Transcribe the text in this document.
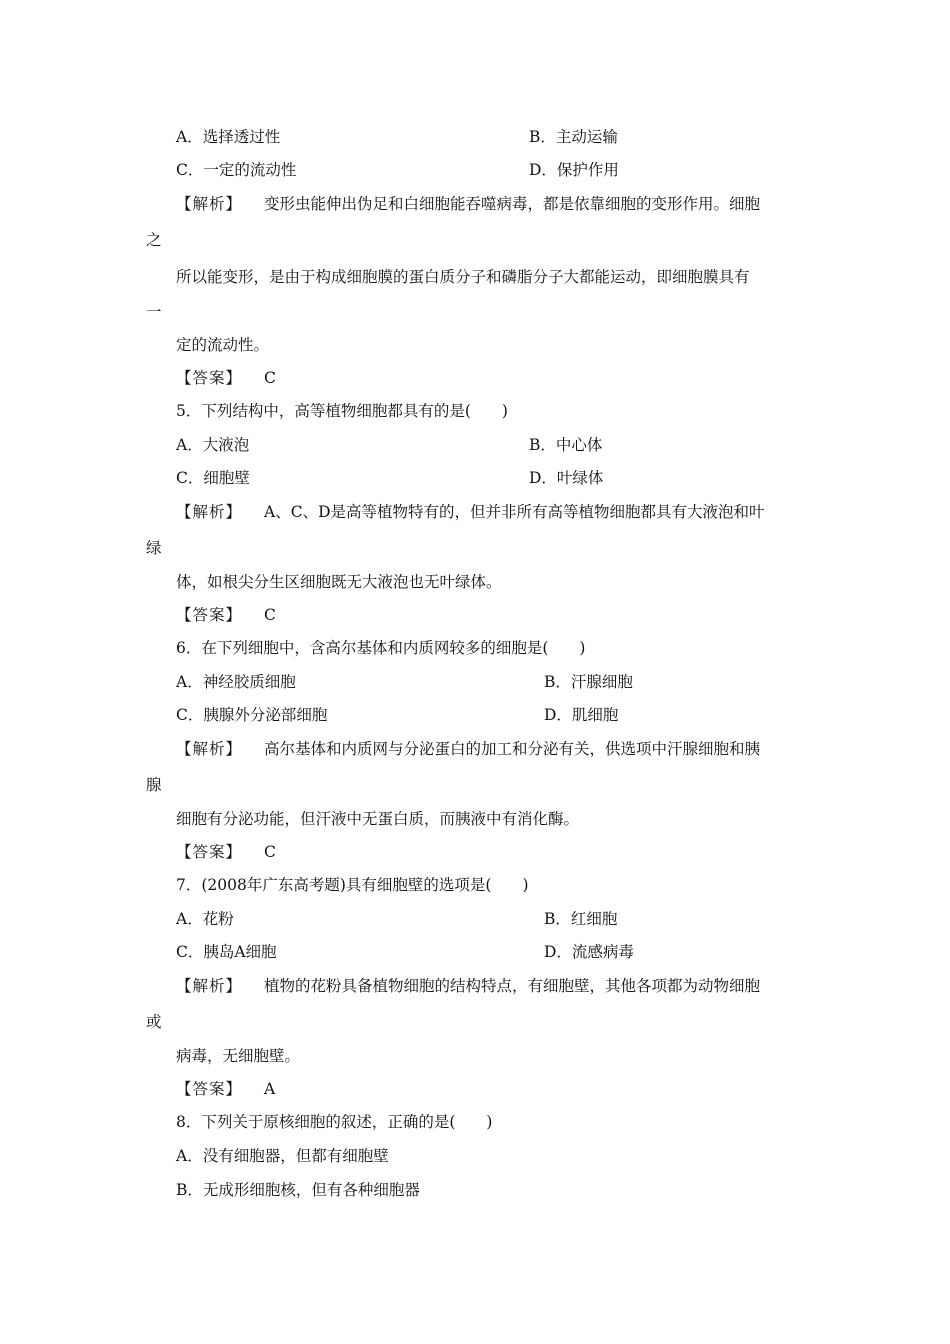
A．选择透过性	B．主动运输
C．一定的流动性	D．保护作用
【解析】 变形虫能伸出伪足和白细胞能吞噬病毒，都是依靠细胞的变形作用。细胞
之
所以能变形，是由于构成细胞膜的蛋白质分子和磷脂分子大都能运动，即细胞膜具有
一
定的流动性。
【答案】 C
5．下列结构中，高等植物细胞都具有的是(　　)
A．大液泡	B．中心体
C．细胞壁	D．叶绿体
【解析】 A、C、D是高等植物特有的，但并非所有高等植物细胞都具有大液泡和叶
绿
体，如根尖分生区细胞既无大液泡也无叶绿体。
【答案】 C
6．在下列细胞中，含高尔基体和内质网较多的细胞是(　　)
A．神经胶质细胞	B．汗腺细胞
C．胰腺外分泌部细胞	D．肌细胞
【解析】 高尔基体和内质网与分泌蛋白的加工和分泌有关，供选项中汗腺细胞和胰
腺
细胞有分泌功能，但汗液中无蛋白质，而胰液中有消化酶。
【答案】 C
7．(2008年广东高考题)具有细胞壁的选项是(　　)
A．花粉	B．红细胞
C．胰岛A细胞	D．流感病毒
【解析】 植物的花粉具备植物细胞的结构特点，有细胞壁，其他各项都为动物细胞
或
病毒，无细胞壁。
【答案】 A
8．下列关于原核细胞的叙述，正确的是(　　)
A．没有细胞器，但都有细胞壁
B．无成形细胞核，但有各种细胞器
